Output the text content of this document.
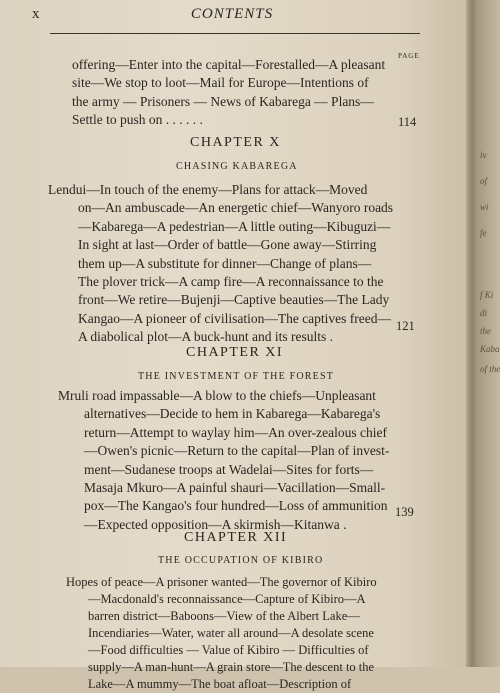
iv
of
wi
fe
f Ki
di
the
Kaba
of the
x	CONTENTS
PAGE
offering—Enter into the capital—Forestalled—A pleasant
site—We stop to loot—Mail for Europe—Intentions of
the army — Prisoners — News of Kabarega — Plans—
Settle to push on . . . . . .	114
CHAPTER X
CHASING KABAREGA
Lendui—In touch of the enemy—Plans for attack—Moved
on—An ambuscade—An energetic chief—Wanyoro roads
—Kabarega—A pedestrian—A little outing—Kibuguzi—
In sight at last—Order of battle—Gone away—Stirring
them up—A substitute for dinner—Change of plans—
The plover trick—A camp fire—A reconnaissance to the
front—We retire—Bujenji—Captive beauties—The Lady
Kangao—A pioneer of civilisation—The captives freed—
A diabolical plot—A buck-hunt and its results .
121
CHAPTER XI
THE INVESTMENT OF THE FOREST
Mruli road impassable—A blow to the chiefs—Unpleasant
alternatives—Decide to hem in Kabarega—Kabarega's
return—Attempt to waylay him—An over-zealous chief
—Owen's picnic—Return to the capital—Plan of invest-
ment—Sudanese troops at Wadelai—Sites for forts—
Masaja Mkuro—A painful shauri—Vacillation—Small-
pox—The Kangao's four hundred—Loss of ammunition
—Expected opposition—A skirmish—Kitanwa .
139
CHAPTER XII
THE OCCUPATION OF KIBIRO
Hopes of peace—A prisoner wanted—The governor of Kibiro
—Macdonald's reconnaissance—Capture of Kibiro—A
barren district—Baboons—View of the Albert Lake—
Incendiaries—Water, water all around—A desolate scene
—Food difficulties — Value of Kibiro — Difficulties of
supply—A man-hunt—A grain store—The descent to the
Lake—A mummy—The boat afloat—Description of
